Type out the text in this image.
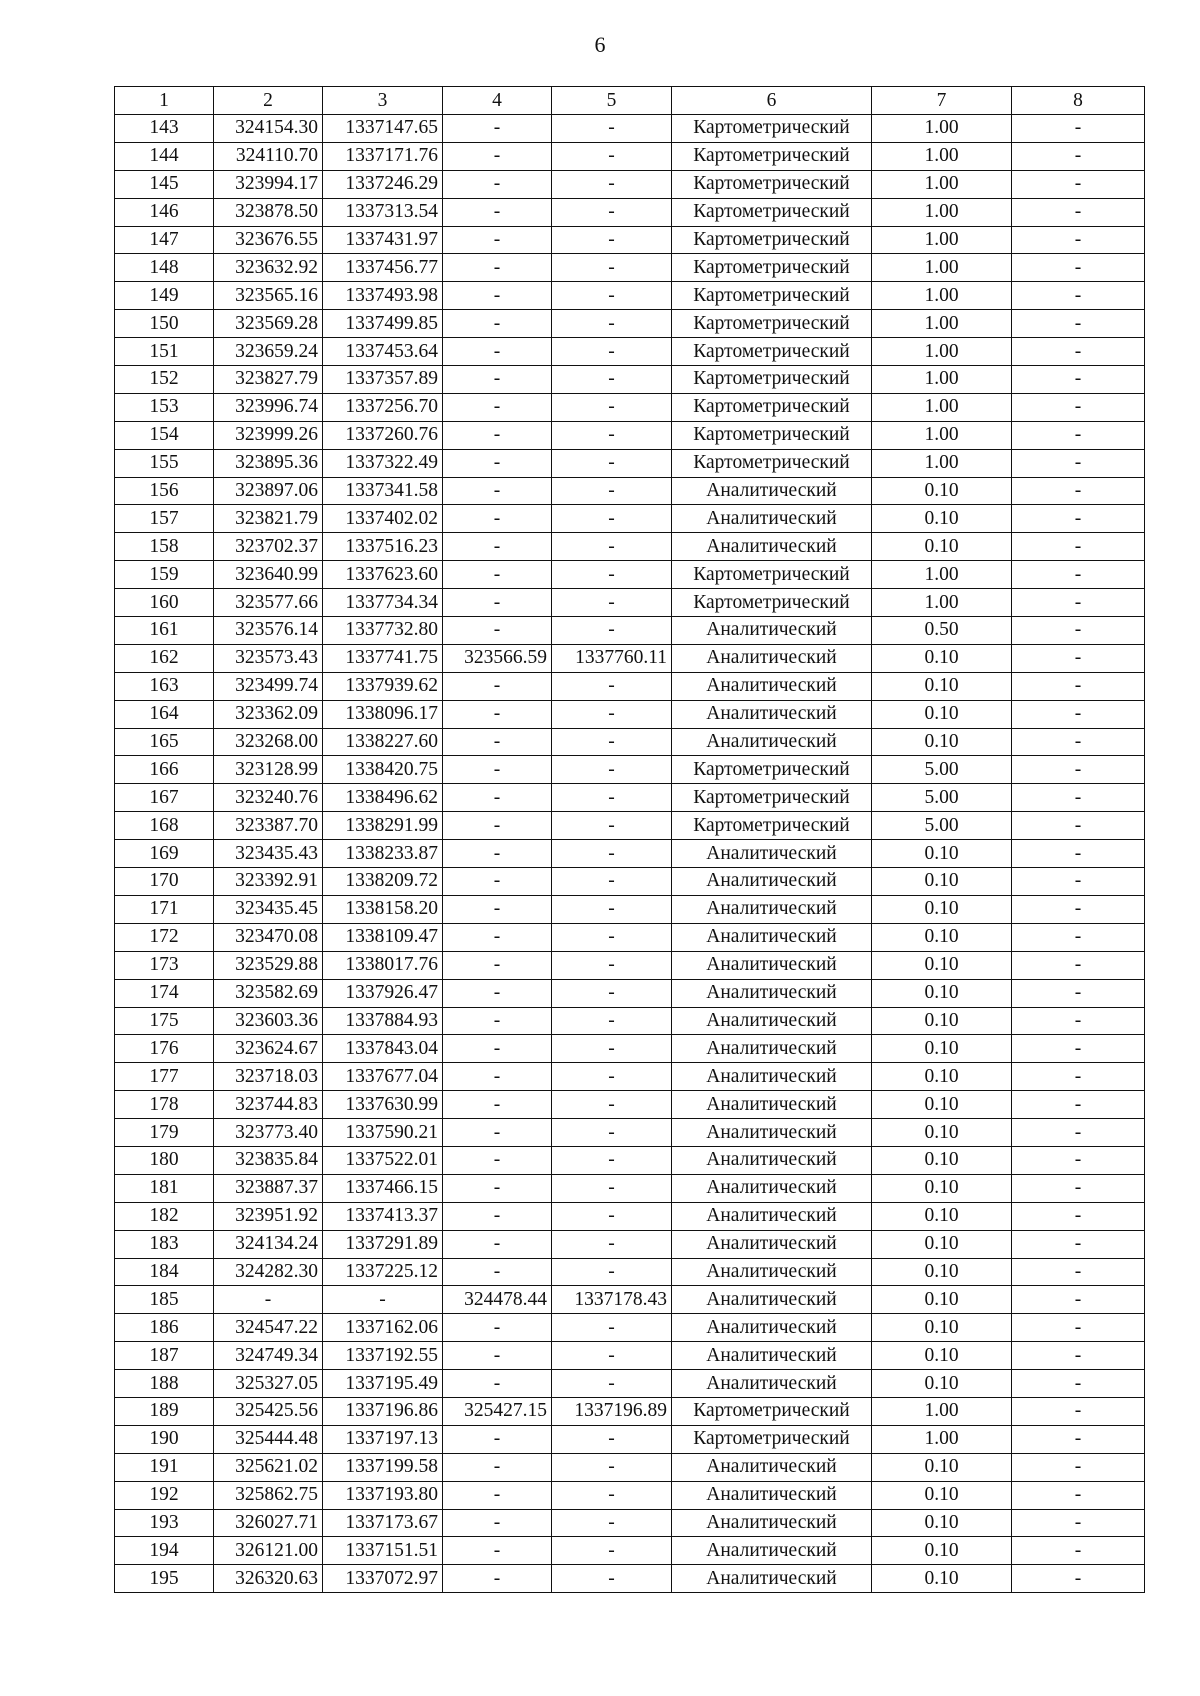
6
1	2	3	4	5	6	7	8
143	324154.30	1337147.65	-	-	Картометрический	1.00	-
144	324110.70	1337171.76	-	-	Картометрический	1.00	-
145	323994.17	1337246.29	-	-	Картометрический	1.00	-
146	323878.50	1337313.54	-	-	Картометрический	1.00	-
147	323676.55	1337431.97	-	-	Картометрический	1.00	-
148	323632.92	1337456.77	-	-	Картометрический	1.00	-
149	323565.16	1337493.98	-	-	Картометрический	1.00	-
150	323569.28	1337499.85	-	-	Картометрический	1.00	-
151	323659.24	1337453.64	-	-	Картометрический	1.00	-
152	323827.79	1337357.89	-	-	Картометрический	1.00	-
153	323996.74	1337256.70	-	-	Картометрический	1.00	-
154	323999.26	1337260.76	-	-	Картометрический	1.00	-
155	323895.36	1337322.49	-	-	Картометрический	1.00	-
156	323897.06	1337341.58	-	-	Аналитический	0.10	-
157	323821.79	1337402.02	-	-	Аналитический	0.10	-
158	323702.37	1337516.23	-	-	Аналитический	0.10	-
159	323640.99	1337623.60	-	-	Картометрический	1.00	-
160	323577.66	1337734.34	-	-	Картометрический	1.00	-
161	323576.14	1337732.80	-	-	Аналитический	0.50	-
162	323573.43	1337741.75	323566.59	1337760.11	Аналитический	0.10	-
163	323499.74	1337939.62	-	-	Аналитический	0.10	-
164	323362.09	1338096.17	-	-	Аналитический	0.10	-
165	323268.00	1338227.60	-	-	Аналитический	0.10	-
166	323128.99	1338420.75	-	-	Картометрический	5.00	-
167	323240.76	1338496.62	-	-	Картометрический	5.00	-
168	323387.70	1338291.99	-	-	Картометрический	5.00	-
169	323435.43	1338233.87	-	-	Аналитический	0.10	-
170	323392.91	1338209.72	-	-	Аналитический	0.10	-
171	323435.45	1338158.20	-	-	Аналитический	0.10	-
172	323470.08	1338109.47	-	-	Аналитический	0.10	-
173	323529.88	1338017.76	-	-	Аналитический	0.10	-
174	323582.69	1337926.47	-	-	Аналитический	0.10	-
175	323603.36	1337884.93	-	-	Аналитический	0.10	-
176	323624.67	1337843.04	-	-	Аналитический	0.10	-
177	323718.03	1337677.04	-	-	Аналитический	0.10	-
178	323744.83	1337630.99	-	-	Аналитический	0.10	-
179	323773.40	1337590.21	-	-	Аналитический	0.10	-
180	323835.84	1337522.01	-	-	Аналитический	0.10	-
181	323887.37	1337466.15	-	-	Аналитический	0.10	-
182	323951.92	1337413.37	-	-	Аналитический	0.10	-
183	324134.24	1337291.89	-	-	Аналитический	0.10	-
184	324282.30	1337225.12	-	-	Аналитический	0.10	-
185	-	-	324478.44	1337178.43	Аналитический	0.10	-
186	324547.22	1337162.06	-	-	Аналитический	0.10	-
187	324749.34	1337192.55	-	-	Аналитический	0.10	-
188	325327.05	1337195.49	-	-	Аналитический	0.10	-
189	325425.56	1337196.86	325427.15	1337196.89	Картометрический	1.00	-
190	325444.48	1337197.13	-	-	Картометрический	1.00	-
191	325621.02	1337199.58	-	-	Аналитический	0.10	-
192	325862.75	1337193.80	-	-	Аналитический	0.10	-
193	326027.71	1337173.67	-	-	Аналитический	0.10	-
194	326121.00	1337151.51	-	-	Аналитический	0.10	-
195	326320.63	1337072.97	-	-	Аналитический	0.10	-
